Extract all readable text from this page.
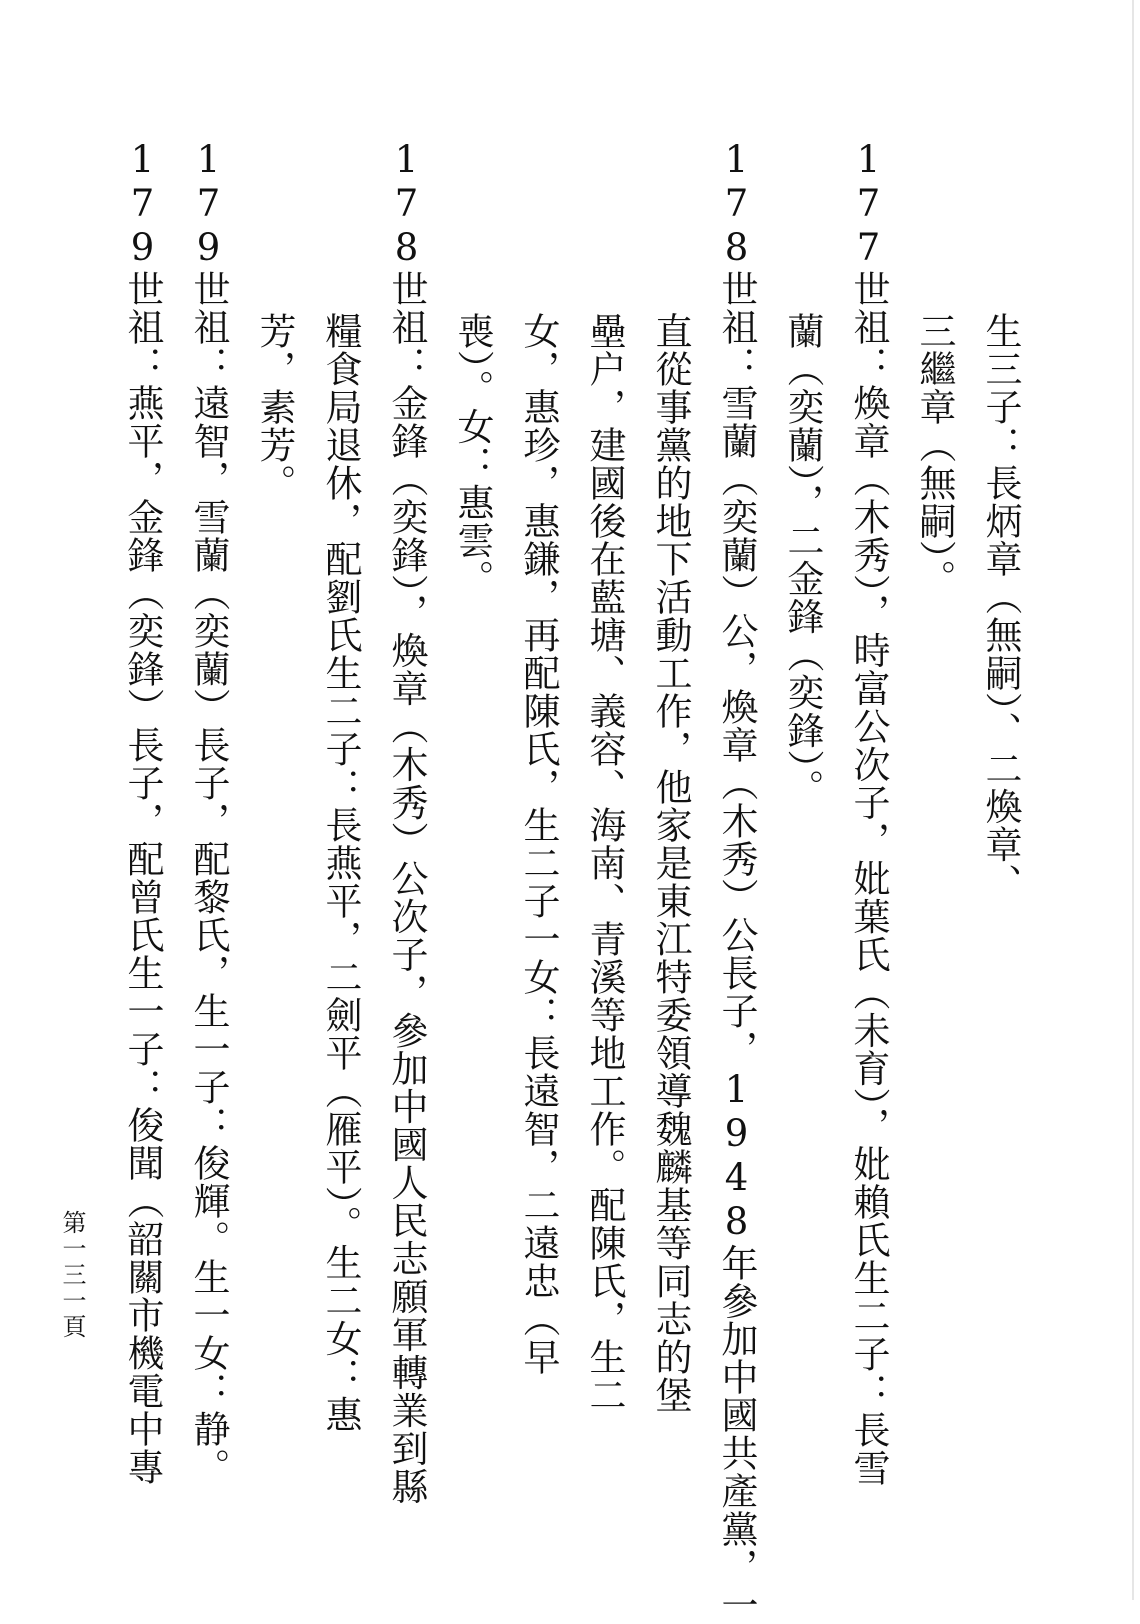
生三子：長炳章（無嗣）、二煥章、

三繼章（無嗣）。

177世祖：煥章（木秀），時富公次子，妣葉氏（未育），妣賴氏生二子：長雪

蘭（奕蘭），二金鋒（奕鋒）。

178世祖：雪蘭（奕蘭）公，煥章（木秀）公長子，1948年參加中國共產黨，一

直從事黨的地下活動工作，他家是東江特委領導魏麟基等同志的堡

壘户，建國後在藍塘、義容、海南、青溪等地工作。配陳氏，生二

女，惠珍，惠鎌，再配陳氏，生二子一女：長遠智，二遠忠（早

喪）。女：惠雲。

178世祖：金鋒（奕鋒），煥章（木秀）公次子，參加中國人民志願軍轉業到縣

糧食局退休，配劉氏生二子：長燕平，二劍平（雁平）。生二女：惠

芳，素芳。

179世祖：遠智，雪蘭（奕蘭）長子，配黎氏，生一子：俊輝。生一女：静。

179世祖：燕平，金鋒（奕鋒）長子，配曾氏生一子：俊聞（韶關市機電中專

第一三一頁
